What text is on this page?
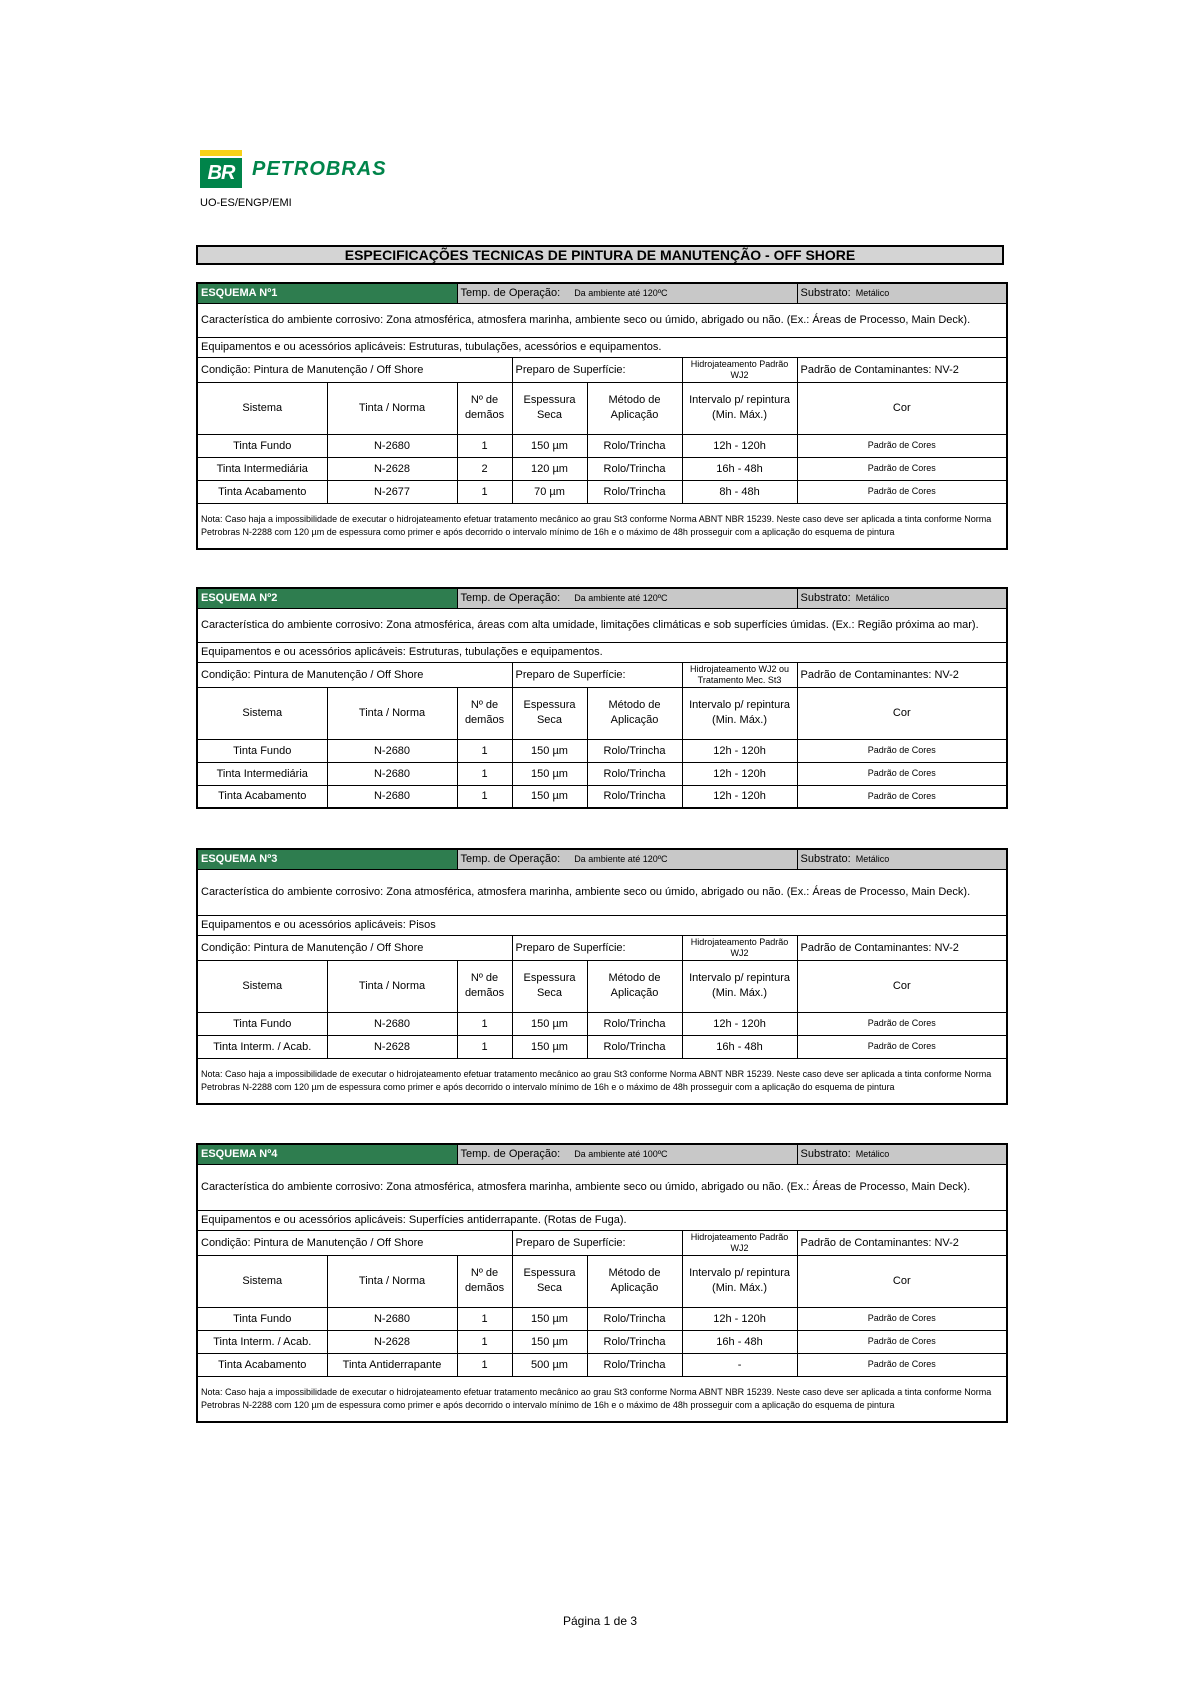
BR PETROBRAS
UO-ES/ENGP/EMI
ESPECIFICAÇÕES TECNICAS DE PINTURA DE MANUTENÇÃO - OFF SHORE
ESQUEMA Nº1		Temp. de Operação: Da ambiente até 120ºC				Substrato: Metálico
Característica do ambiente corrosivo: Zona atmosférica, atmosfera marinha, ambiente seco ou úmido, abrigado ou não. (Ex.: Áreas de Processo, Main Deck).						
Equipamentos e ou acessórios aplicáveis: Estruturas, tubulações, acessórios e equipamentos.						
Condição: Pintura de Manutenção / Off Shore			Preparo de Superfície:		Hidrojateamento Padrão WJ2	Padrão de Contaminantes: NV-2
Sistema	Tinta / Norma	Nº de demãos	Espessura Seca	Método de Aplicação	Intervalo p/ repintura (Min. Máx.)	Cor
Tinta Fundo	N-2680	1	150 µm	Rolo/Trincha	12h - 120h	Padrão de Cores
Tinta Intermediária	N-2628	2	120 µm	Rolo/Trincha	16h - 48h	Padrão de Cores
Tinta Acabamento	N-2677	1	70 µm	Rolo/Trincha	8h - 48h	Padrão de Cores
Nota: Caso haja a impossibilidade de executar o hidrojateamento efetuar tratamento mecânico ao grau St3 conforme Norma ABNT NBR 15239. Neste caso deve ser aplicada a tinta conforme Norma Petrobras N-2288 com 120 µm de espessura como primer e após decorrido o intervalo mínimo de 16h e o máximo de 48h prosseguir com a aplicação do esquema de pintura						
ESQUEMA Nº2		Temp. de Operação: Da ambiente até 120ºC				Substrato: Metálico
Característica do ambiente corrosivo: Zona atmosférica, áreas com alta umidade, limitações climáticas e sob superfícies úmidas. (Ex.: Região próxima ao mar).						
Equipamentos e ou acessórios aplicáveis: Estruturas, tubulações e equipamentos.						
Condição: Pintura de Manutenção / Off Shore			Preparo de Superfície:		Hidrojateamento WJ2 ou Tratamento Mec. St3	Padrão de Contaminantes: NV-2
Sistema	Tinta / Norma	Nº de demãos	Espessura Seca	Método de Aplicação	Intervalo p/ repintura (Min. Máx.)	Cor
Tinta Fundo	N-2680	1	150 µm	Rolo/Trincha	12h - 120h	Padrão de Cores
Tinta Intermediária	N-2680	1	150 µm	Rolo/Trincha	12h - 120h	Padrão de Cores
Tinta Acabamento	N-2680	1	150 µm	Rolo/Trincha	12h - 120h	Padrão de Cores
ESQUEMA Nº3		Temp. de Operação: Da ambiente até 120ºC				Substrato: Metálico
Característica do ambiente corrosivo: Zona atmosférica, atmosfera marinha, ambiente seco ou úmido, abrigado ou não. (Ex.: Áreas de Processo, Main Deck).						
Equipamentos e ou acessórios aplicáveis: Pisos						
Condição: Pintura de Manutenção / Off Shore			Preparo de Superfície:		Hidrojateamento Padrão WJ2	Padrão de Contaminantes: NV-2
Sistema	Tinta / Norma	Nº de demãos	Espessura Seca	Método de Aplicação	Intervalo p/ repintura (Min. Máx.)	Cor
Tinta Fundo	N-2680	1	150 µm	Rolo/Trincha	12h - 120h	Padrão de Cores
Tinta Interm. / Acab.	N-2628	1	150 µm	Rolo/Trincha	16h - 48h	Padrão de Cores
Nota: Caso haja a impossibilidade de executar o hidrojateamento efetuar tratamento mecânico ao grau St3 conforme Norma ABNT NBR 15239. Neste caso deve ser aplicada a tinta conforme Norma Petrobras N-2288 com 120 µm de espessura como primer e após decorrido o intervalo mínimo de 16h e o máximo de 48h prosseguir com a aplicação do esquema de pintura						
ESQUEMA Nº4		Temp. de Operação: Da ambiente até 100ºC				Substrato: Metálico
Característica do ambiente corrosivo: Zona atmosférica, atmosfera marinha, ambiente seco ou úmido, abrigado ou não. (Ex.: Áreas de Processo, Main Deck).						
Equipamentos e ou acessórios aplicáveis: Superfícies antiderrapante. (Rotas de Fuga).						
Condição: Pintura de Manutenção / Off Shore			Preparo de Superfície:		Hidrojateamento Padrão WJ2	Padrão de Contaminantes: NV-2
Sistema	Tinta / Norma	Nº de demãos	Espessura Seca	Método de Aplicação	Intervalo p/ repintura (Min. Máx.)	Cor
Tinta Fundo	N-2680	1	150 µm	Rolo/Trincha	12h - 120h	Padrão de Cores
Tinta Interm. / Acab.	N-2628	1	150 µm	Rolo/Trincha	16h - 48h	Padrão de Cores
Tinta Acabamento	Tinta Antiderrapante	1	500 µm	Rolo/Trincha	-	Padrão de Cores
Nota: Caso haja a impossibilidade de executar o hidrojateamento efetuar tratamento mecânico ao grau St3 conforme Norma ABNT NBR 15239. Neste caso deve ser aplicada a tinta conforme Norma Petrobras N-2288 com 120 µm de espessura como primer e após decorrido o intervalo mínimo de 16h e o máximo de 48h prosseguir com a aplicação do esquema de pintura						
Página 1 de 3
